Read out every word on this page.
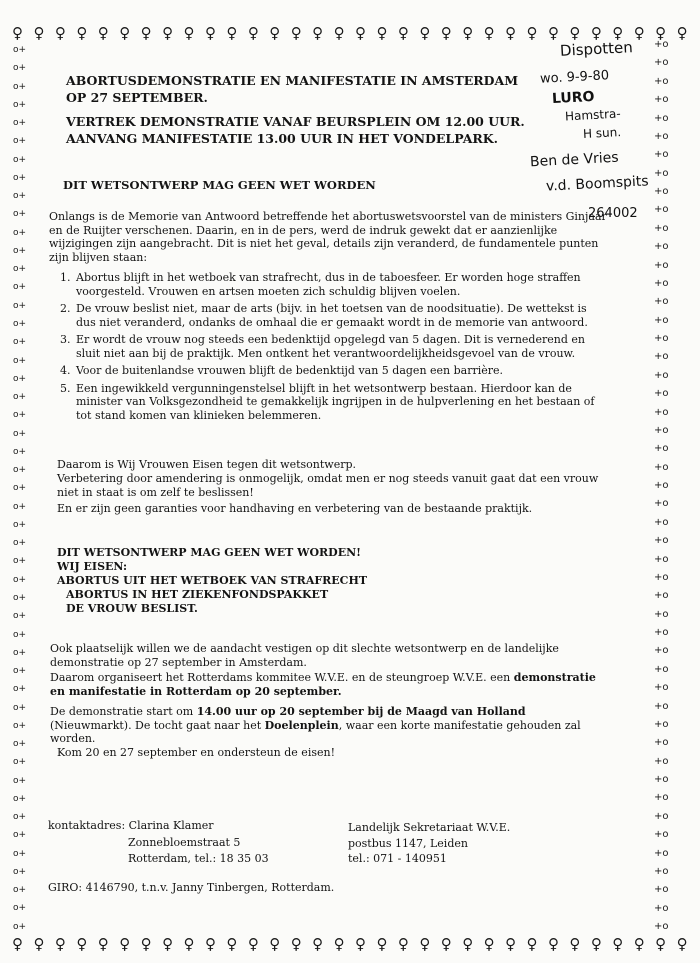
♀ ♀ ♀ ♀ ♀ ♀ ♀ ♀ ♀ ♀ ♀ ♀ ♀ ♀ ♀ ♀ ♀ ♀ ♀ ♀ ♀ ♀ ♀ ♀ ♀ ♀ ♀ ♀ ♀ ♀ ♀ ♀
♀ ♀ ♀ ♀ ♀ ♀ ♀ ♀ ♀ ♀ ♀ ♀ ♀ ♀ ♀ ♀ ♀ ♀ ♀ ♀ ♀ ♀ ♀ ♀ ♀ ♀ ♀ ♀ ♀ ♀ ♀ ♀
o+
o+
o+
o+
o+
o+
o+
o+
o+
o+
o+
o+
o+
o+
o+
o+
o+
o+
o+
o+
o+
o+
o+
o+
o+
o+
o+
o+
o+
o+
o+
o+
o+
o+
o+
o+
o+
o+
o+
o+
o+
o+
o+
o+
o+
o+
o+
o+
o+
+o
+o
+o
+o
+o
+o
+o
+o
+o
+o
+o
+o
+o
+o
+o
+o
+o
+o
+o
+o
+o
+o
+o
+o
+o
+o
+o
+o
+o
+o
+o
+o
+o
+o
+o
+o
+o
+o
+o
+o
+o
+o
+o
+o
+o
+o
+o
+o
+o
Dispotten
wo. 9-9-80
LURO
Hamstra-
H sun.
Ben de Vries
v.d. Boomspits
264002
ABORTUSDEMONSTRATIE EN MANIFESTATIE IN AMSTERDAM
OP 27 SEPTEMBER.
VERTREK DEMONSTRATIE VANAF BEURSPLEIN OM 12.00 UUR.
AANVANG MANIFESTATIE 13.00 UUR IN HET VONDELPARK.
DIT WETSONTWERP MAG GEEN WET WORDEN

Onlangs is de Memorie van Antwoord betreffende het abortuswetsvoorstel van de ministers Ginjaar en de Ruijter verschenen. Daarin, en in de pers, werd de indruk gewekt dat er aanzienlijke wijzigingen zijn aangebracht. Dit is niet het geval, details zijn veranderd, de fundamentele punten zijn blijven staan:

1. Abortus blijft in het wetboek van strafrecht, dus in de taboesfeer. Er worden hoge straffen voorgesteld. Vrouwen en artsen moeten zich schuldig blijven voelen.
2. De vrouw beslist niet, maar de arts (bijv. in het toetsen van de noodsituatie). De wettekst is dus niet veranderd, ondanks de omhaal die er gemaakt wordt in de memorie van antwoord.
3. Er wordt de vrouw nog steeds een bedenktijd opgelegd van 5 dagen. Dit is vernederend en sluit niet aan bij de praktijk. Men ontkent het verantwoordelijkheidsgevoel van de vrouw.
4. Voor de buitenlandse vrouwen blijft de bedenktijd van 5 dagen een barrière.
5. Een ingewikkeld vergunningenstelsel blijft in het wetsontwerp bestaan. Hierdoor kan de minister van Volksgezondheid te gemakkelijk ingrijpen in de hulpverlening en het bestaan of tot stand komen van klinieken belemmeren.

Daarom is Wij Vrouwen Eisen tegen dit wetsontwerp.

Verbetering door amendering is onmogelijk, omdat men er nog steeds vanuit gaat dat een vrouw niet in staat is om zelf te beslissen!

En er zijn geen garanties voor handhaving en verbetering van de bestaande praktijk.

DIT WETSONTWERP MAG GEEN WET WORDEN!
WIJ EISEN:
ABORTUS UIT HET WETBOEK VAN STRAFRECHT
ABORTUS IN HET ZIEKENFONDSPAKKET
DE VROUW BESLIST.

Ook plaatselijk willen we de aandacht vestigen op dit slechte wetsontwerp en de landelijke demonstratie op 27 september in Amsterdam.

Daarom organiseert het Rotterdams kommitee W.V.E. en de steungroep W.V.E. een demonstratie en manifestatie in Rotterdam op 20 september.

De demonstratie start om 14.00 uur op 20 september bij de Maagd van Holland (Nieuwmarkt). De tocht gaat naar het Doelenplein, waar een korte manifestatie gehouden zal worden.

Kom 20 en 27 september en ondersteun de eisen!

kontaktadres: Clarina Klamer
Zonnebloemstraat 5
Rotterdam, tel.: 18 35 03
Landelijk Sekretariaat W.V.E.
postbus 1147, Leiden
tel.: 071 - 140951
GIRO: 4146790, t.n.v. Janny Tinbergen, Rotterdam.
